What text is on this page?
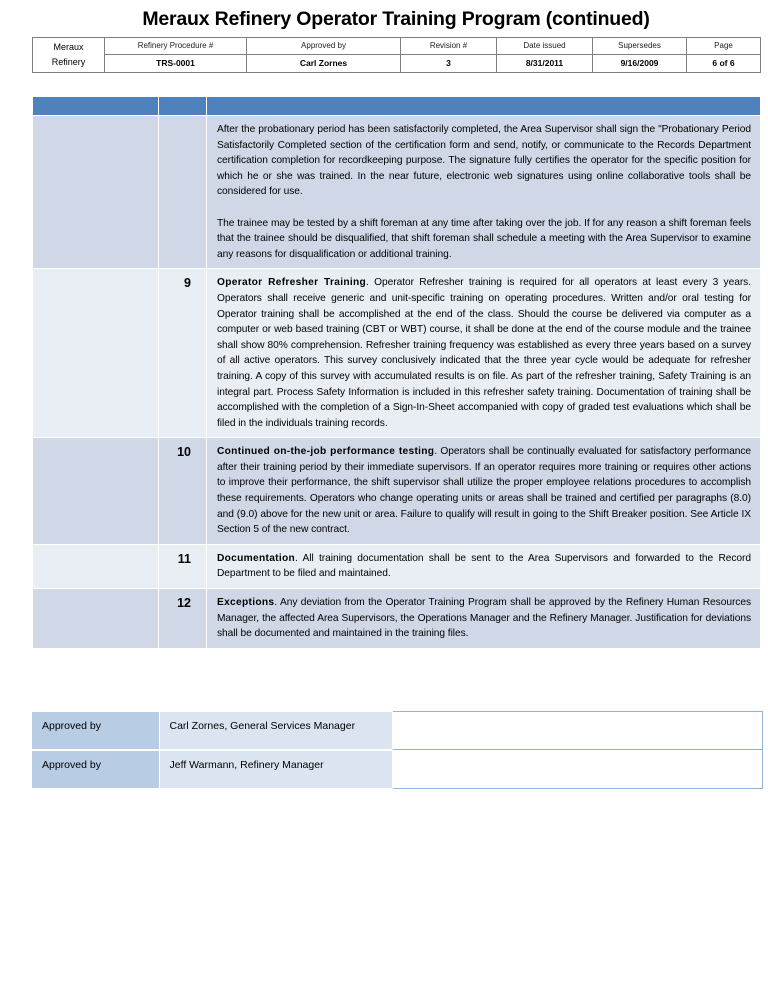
Meraux Refinery Operator Training Program (continued)
Meraux
Refinery	Refinery Procedure #	Approved by	Revision #	Date issued	Supersedes	Page
	TRS-0001	Carl Zornes	3	8/31/2011	9/16/2009	6 of 6

		After the probationary period has been satisfactorily completed, the Area Supervisor shall sign the "Probationary Period Satisfactorily Completed section of the certification form and send, notify, or communicate to the Records Department certification completion for recordkeeping purpose. The signature fully certifies the operator for the specific position for which he or she was trained. In the near future, electronic web signatures using online collaborative tools shall be considered for use.

The trainee may be tested by a shift foreman at any time after taking over the job. If for any reason a shift foreman feels that the trainee should be disqualified, that shift foreman shall schedule a meeting with the Area Supervisor to examine any reasons for disqualification or additional training.

	9	Operator Refresher Training. Operator Refresher training is required for all operators at least every 3 years. Operators shall receive generic and unit-specific training on operating procedures. Written and/or oral testing for Operator training shall be accomplished at the end of the class. Should the course be delivered via computer as a computer or web based training (CBT or WBT) course, it shall be done at the end of the course module and the trainee shall show 80% comprehension. Refresher training frequency was established as every three years based on a survey of all active operators. This survey conclusively indicated that the three year cycle would be adequate for refresher training. A copy of this survey with accumulated results is on file. As part of the refresher training, Safety Training is an integral part. Process Safety Information is included in this refresher safety training. Documentation of training shall be accomplished with the completion of a Sign-In-Sheet accompanied with copy of graded test evaluations which shall be filed in the individuals training records.

	10	Continued on-the-job performance testing. Operators shall be continually evaluated for satisfactory performance after their training period by their immediate supervisors. If an operator requires more training or requires other actions to improve their performance, the shift supervisor shall utilize the proper employee relations procedures to accomplish these requirements. Operators who change operating units or areas shall be trained and certified per paragraphs (8.0) and (9.0) above for the new unit or area. Failure to qualify will result in going to the Shift Breaker position. See Article IX Section 5 of the new contract.

	11	Documentation. All training documentation shall be sent to the Area Supervisors and forwarded to the Record Department to be filed and maintained.

	12	Exceptions. Any deviation from the Operator Training Program shall be approved by the Refinery Human Resources Manager, the affected Area Supervisors, the Operations Manager and the Refinery Manager. Justification for deviations shall be documented and maintained in the training files.

Approved by	Carl Zornes, General Services Manager	

Approved by	Jeff Warmann, Refinery Manager	
